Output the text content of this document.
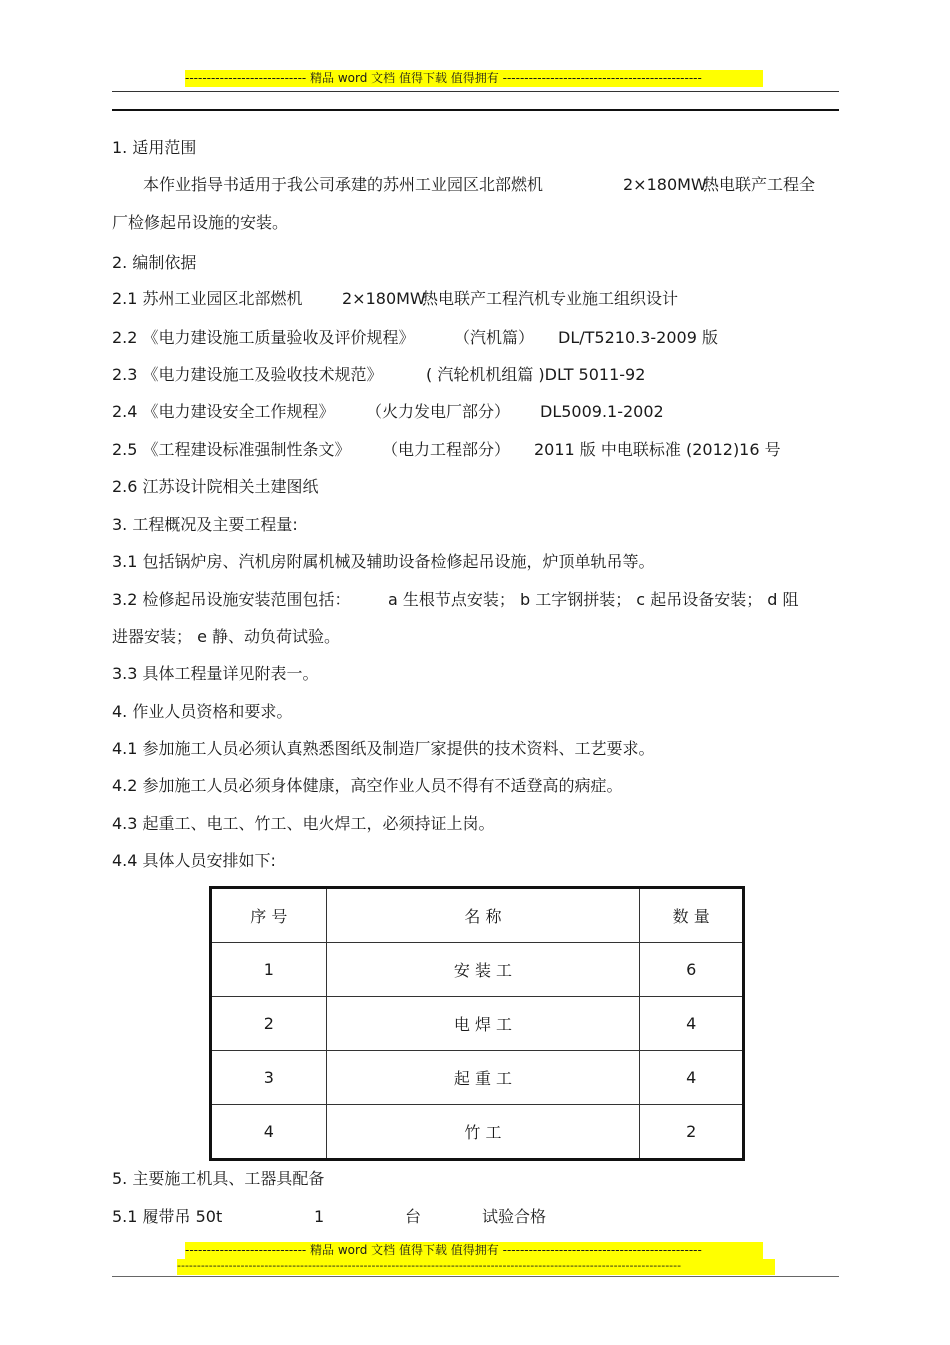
---------------------------- 精品 word 文档 值得下载 值得拥有 ----------------------------------------------
1. 适用范围
本作业指导书适用于我公司承建的苏州工业园区北部燃机	2×180MW
热电联产工程全
厂检修起吊设施的安装。
2. 编制依据
2.1 苏州工业园区北部燃机 2×180MW
热电联产工程汽机专业施工组织设计
2.2 《电力建设施工质量验收及评价规程》 （汽机篇） DL/T5210.3-2009 版
2.3 《电力建设施工及验收技术规范》	( 汽轮机机组篇 )DLT 5011-92
2.4 《电力建设安全工作规程》 （火力发电厂部分） DL5009.1-2002
2.5 《工程建设标准强制性条文》 （电力工程部分） 2011 版 中电联标准 (2012)16 号
2.6 江苏设计院相关土建图纸
3. 工程概况及主要工程量:
3.1 包括锅炉房、汽机房附属机械及辅助设备检修起吊设施，炉顶单轨吊等。
3.2 检修起吊设施安装范围包括： a 生根节点安装； b 工字钢拼装； c 起吊设备安装； d 阻
进器安装； e 静、动负荷试验。
3.3 具体工程量详见附表一。
4. 作业人员资格和要求。
4.1 参加施工人员必须认真熟悉图纸及制造厂家提供的技术资料、工艺要求。
4.2 参加施工人员必须身体健康，高空作业人员不得有不适登高的病症。
4.3 起重工、电工、竹工、电火焊工，必须持证上岗。
4.4 具体人员安排如下:
序 号	名 称	数 量
1	安 装 工	6
2	电 焊 工	4
3	起 重 工	4
4	竹 工	2
5. 主要施工机具、工器具配备
5.1 履带吊 50t	1	台	试验合格
---------------------------- 精品 word 文档 值得下载 值得拥有 ----------------------------------------------
-------------------------------------------------------------------------------------------------------------------------------
